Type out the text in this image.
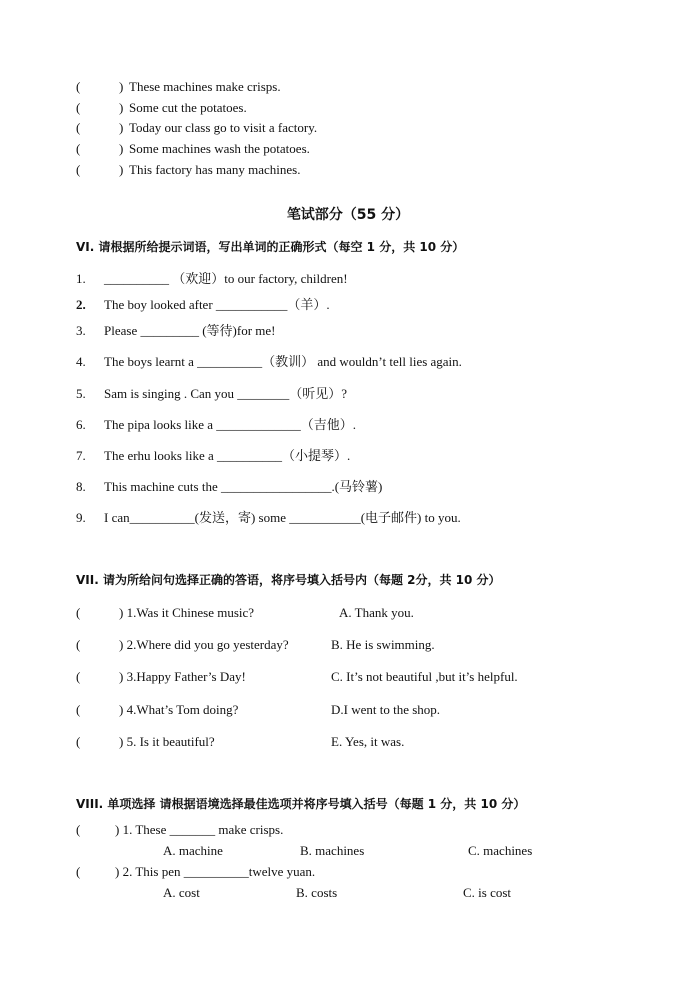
(	) These machines make crisps.
(	) Some cut the potatoes.
(	) Today our class go to visit a factory.
(	) Some machines wash the potatoes.
(	) This factory has many machines.
笔试部分（55 分）
VI. 请根据所给提示词语，写出单词的正确形式（每空 1 分，共 10 分）
1. __________ （欢迎）to our factory, children!
2. The boy looked after ___________（羊）.
3. Please _________ (等待)for me!
4. The boys learnt a __________（教训） and wouldn’t tell lies again.
5. Sam is singing . Can you ________（听见）?
6. The pipa looks like a _____________（吉他）.
7. The erhu looks like a __________（小提琴）.
8. This machine cuts the _________________.(马铃薯)
9. I can__________(发送，寄) some ___________(电子邮件) to you.
VII. 请为所给问句选择正确的答语，将序号填入括号内（每题 2分，共 10 分）
(	) 1.Was it Chinese music?	A. Thank you.
(	) 2.Where did you go yesterday?	B. He is swimming.
(	) 3.Happy Father’s Day!	C. It’s not beautiful ,but it’s helpful.
(	) 4.What’s Tom doing?	D.I went to the shop.
(	) 5. Is it beautiful?	E. Yes, it was.
VIII. 单项选择 请根据语境选择最佳选项并将序号填入括号（每题 1 分，共 10 分）
(	) 1. These _______ make crisps.
A. machine	B. machines	C. machines
(	) 2. This pen __________twelve yuan.
A. cost	B. costs	C. is cost
